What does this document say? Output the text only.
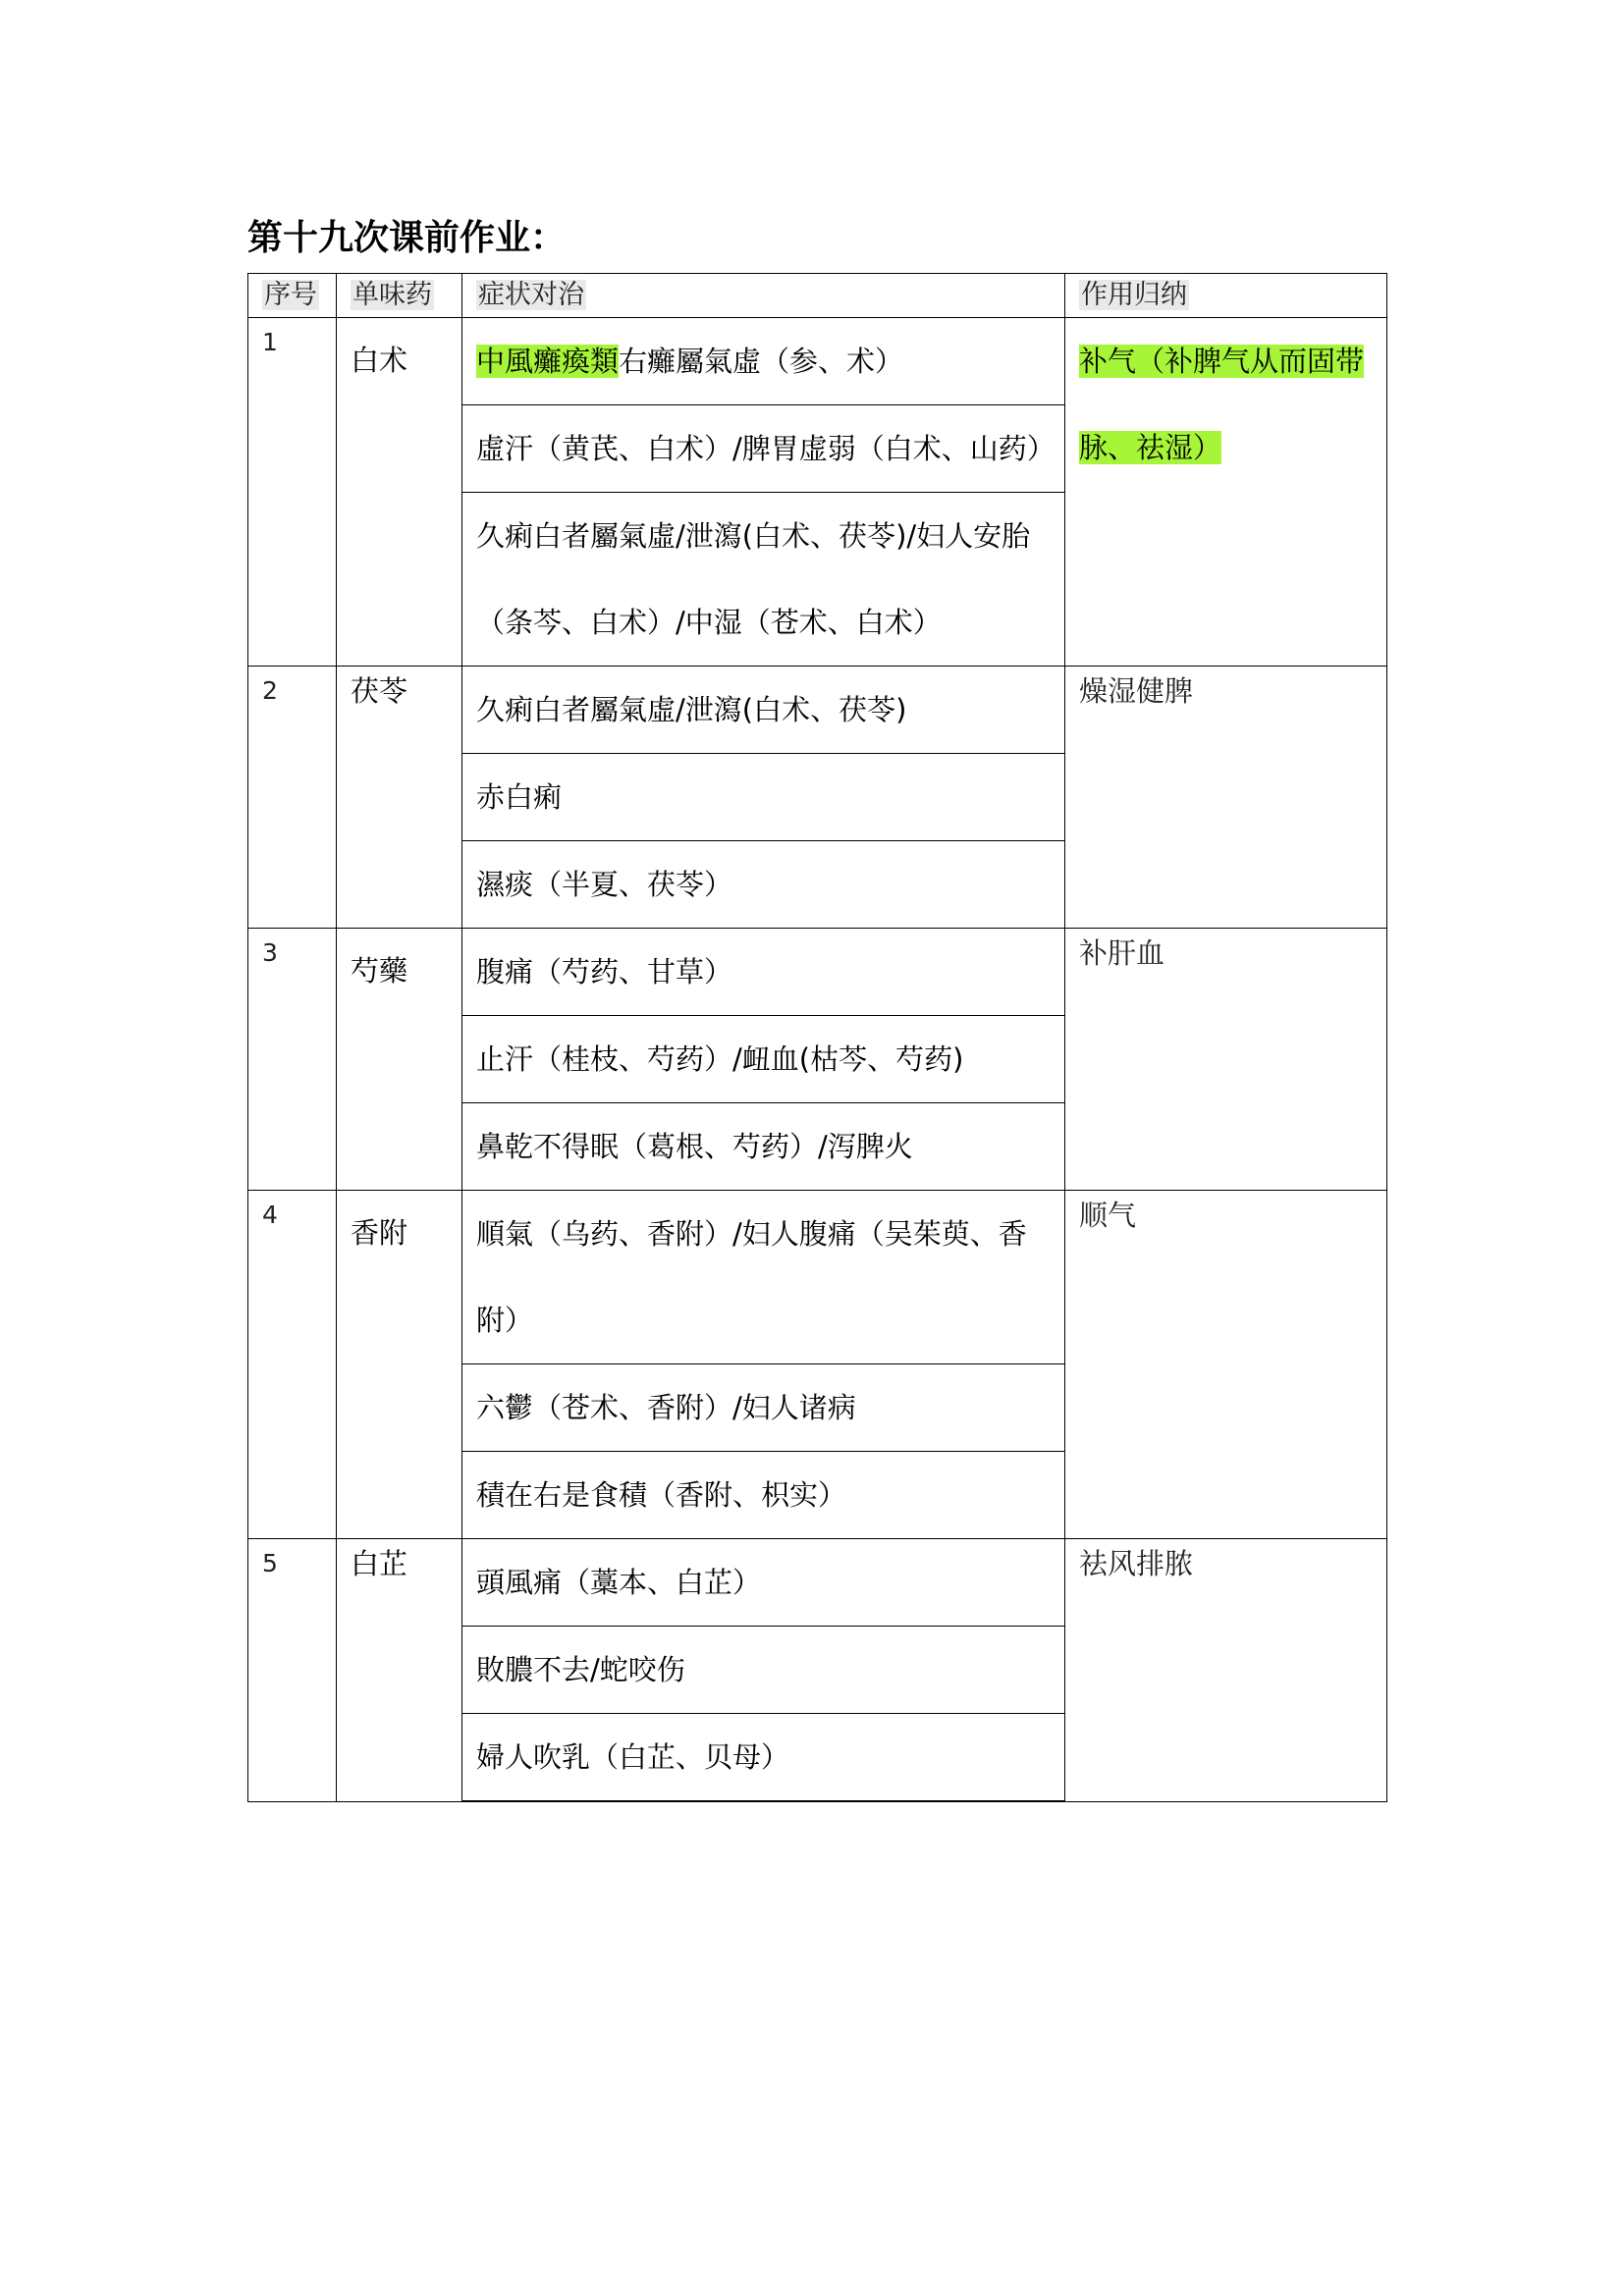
第十九次课前作业：
序号	单味药	症状对治	作用归纳
1	白术	中風癱瘓類右癱屬氣虛（参、术）	补气（补脾气从而固带脉、祛湿）
		虛汗（黄芪、白术）/脾胃虚弱（白术、山药）	
		久痢白者屬氣虛/泄瀉(白术、茯苓)/妇人安胎（条芩、白术）/中湿（苍术、白术）	
2	茯苓	久痢白者屬氣虛/泄瀉(白术、茯苓)	燥湿健脾
		赤白痢	
		濕痰（半夏、茯苓）	
3	芍藥	腹痛（芍药、甘草）	补肝血
		止汗（桂枝、芍药）/衄血(枯芩、芍药)	
		鼻乾不得眠（葛根、芍药）/泻脾火	
4	香附	順氣（乌药、香附）/妇人腹痛（吴茱萸、香附）	顺气
		六鬱（苍术、香附）/妇人诸病	
		積在右是食積（香附、枳实）	
5	白芷	頭風痛（藁本、白芷）	祛风排脓
		敗膿不去/蛇咬伤	
		婦人吹乳（白芷、贝母）	
